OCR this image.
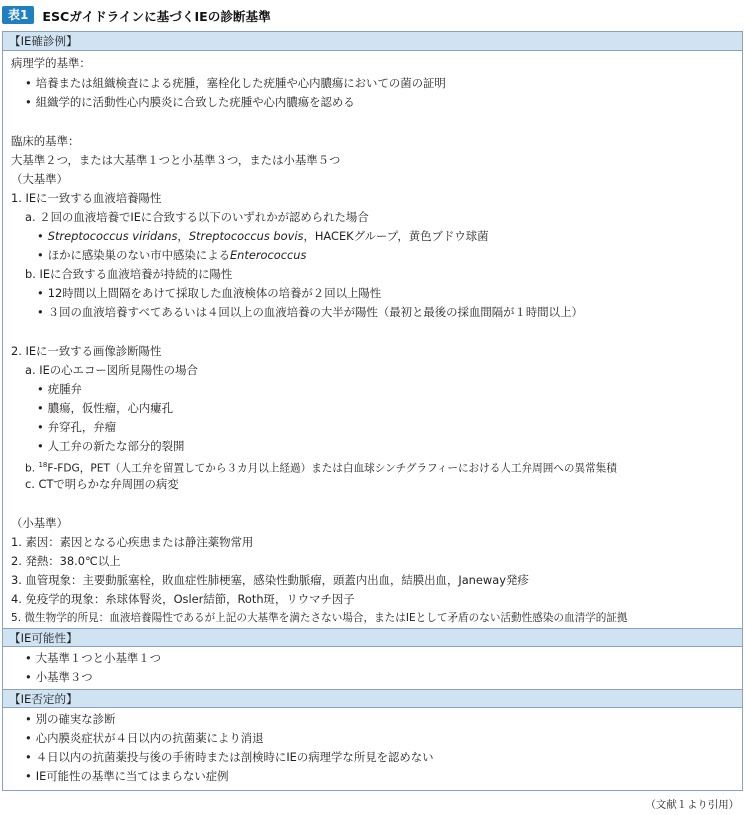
表1	ESCガイドラインに基づくIEの診断基準
【IE確診例】
病理学的基準：
• 培養または組織検査による疣腫，塞栓化した疣腫や心内膿瘍においての菌の証明
• 組織学的に活動性心内膜炎に合致した疣腫や心内膿瘍を認める
臨床的基準：
大基準２つ，または大基準１つと小基準３つ，または小基準５つ
（大基準）
1. IEに一致する血液培養陽性
a. ２回の血液培養でIEに合致する以下のいずれかが認められた場合
• Streptococcus viridans，Streptococcus bovis，HACEKグループ，黄色ブドウ球菌
• ほかに感染巣のない市中感染によるEnterococcus
b. IEに合致する血液培養が持続的に陽性
• 12時間以上間隔をあけて採取した血液検体の培養が２回以上陽性
• ３回の血液培養すべてあるいは４回以上の血液培養の大半が陽性（最初と最後の採血間隔が１時間以上）
2. IEに一致する画像診断陽性
a. IEの心エコー図所見陽性の場合
• 疣腫弁
• 膿瘍，仮性瘤，心内瘻孔
• 弁穿孔，弁瘤
• 人工弁の新たな部分的裂開
b. $^{18}$F-FDG，PET（人工弁を留置してから３カ月以上経過）または白血球シンチグラフィーにおける人工弁周囲への異常集積
c. CTで明らかな弁周囲の病変
（小基準）
1. 素因：素因となる心疾患または静注薬物常用
2. 発熱：38.0℃以上
3. 血管現象：主要動脈塞栓，敗血症性肺梗塞，感染性動脈瘤，頭蓋内出血，結膜出血，Janeway発疹
4. 免疫学的現象：糸球体腎炎，Osler結節，Roth斑，リウマチ因子
5. 微生物学的所見：血液培養陽性であるが上記の大基準を満たさない場合，またはIEとして矛盾のない活動性感染の血清学的証拠
【IE可能性】
• 大基準１つと小基準１つ
• 小基準３つ
【IE否定的】
• 別の確実な診断
• 心内膜炎症状が４日以内の抗菌薬により消退
• ４日以内の抗菌薬投与後の手術時または剖検時にIEの病理学な所見を認めない
• IE可能性の基準に当てはまらない症例
（文献１より引用）
